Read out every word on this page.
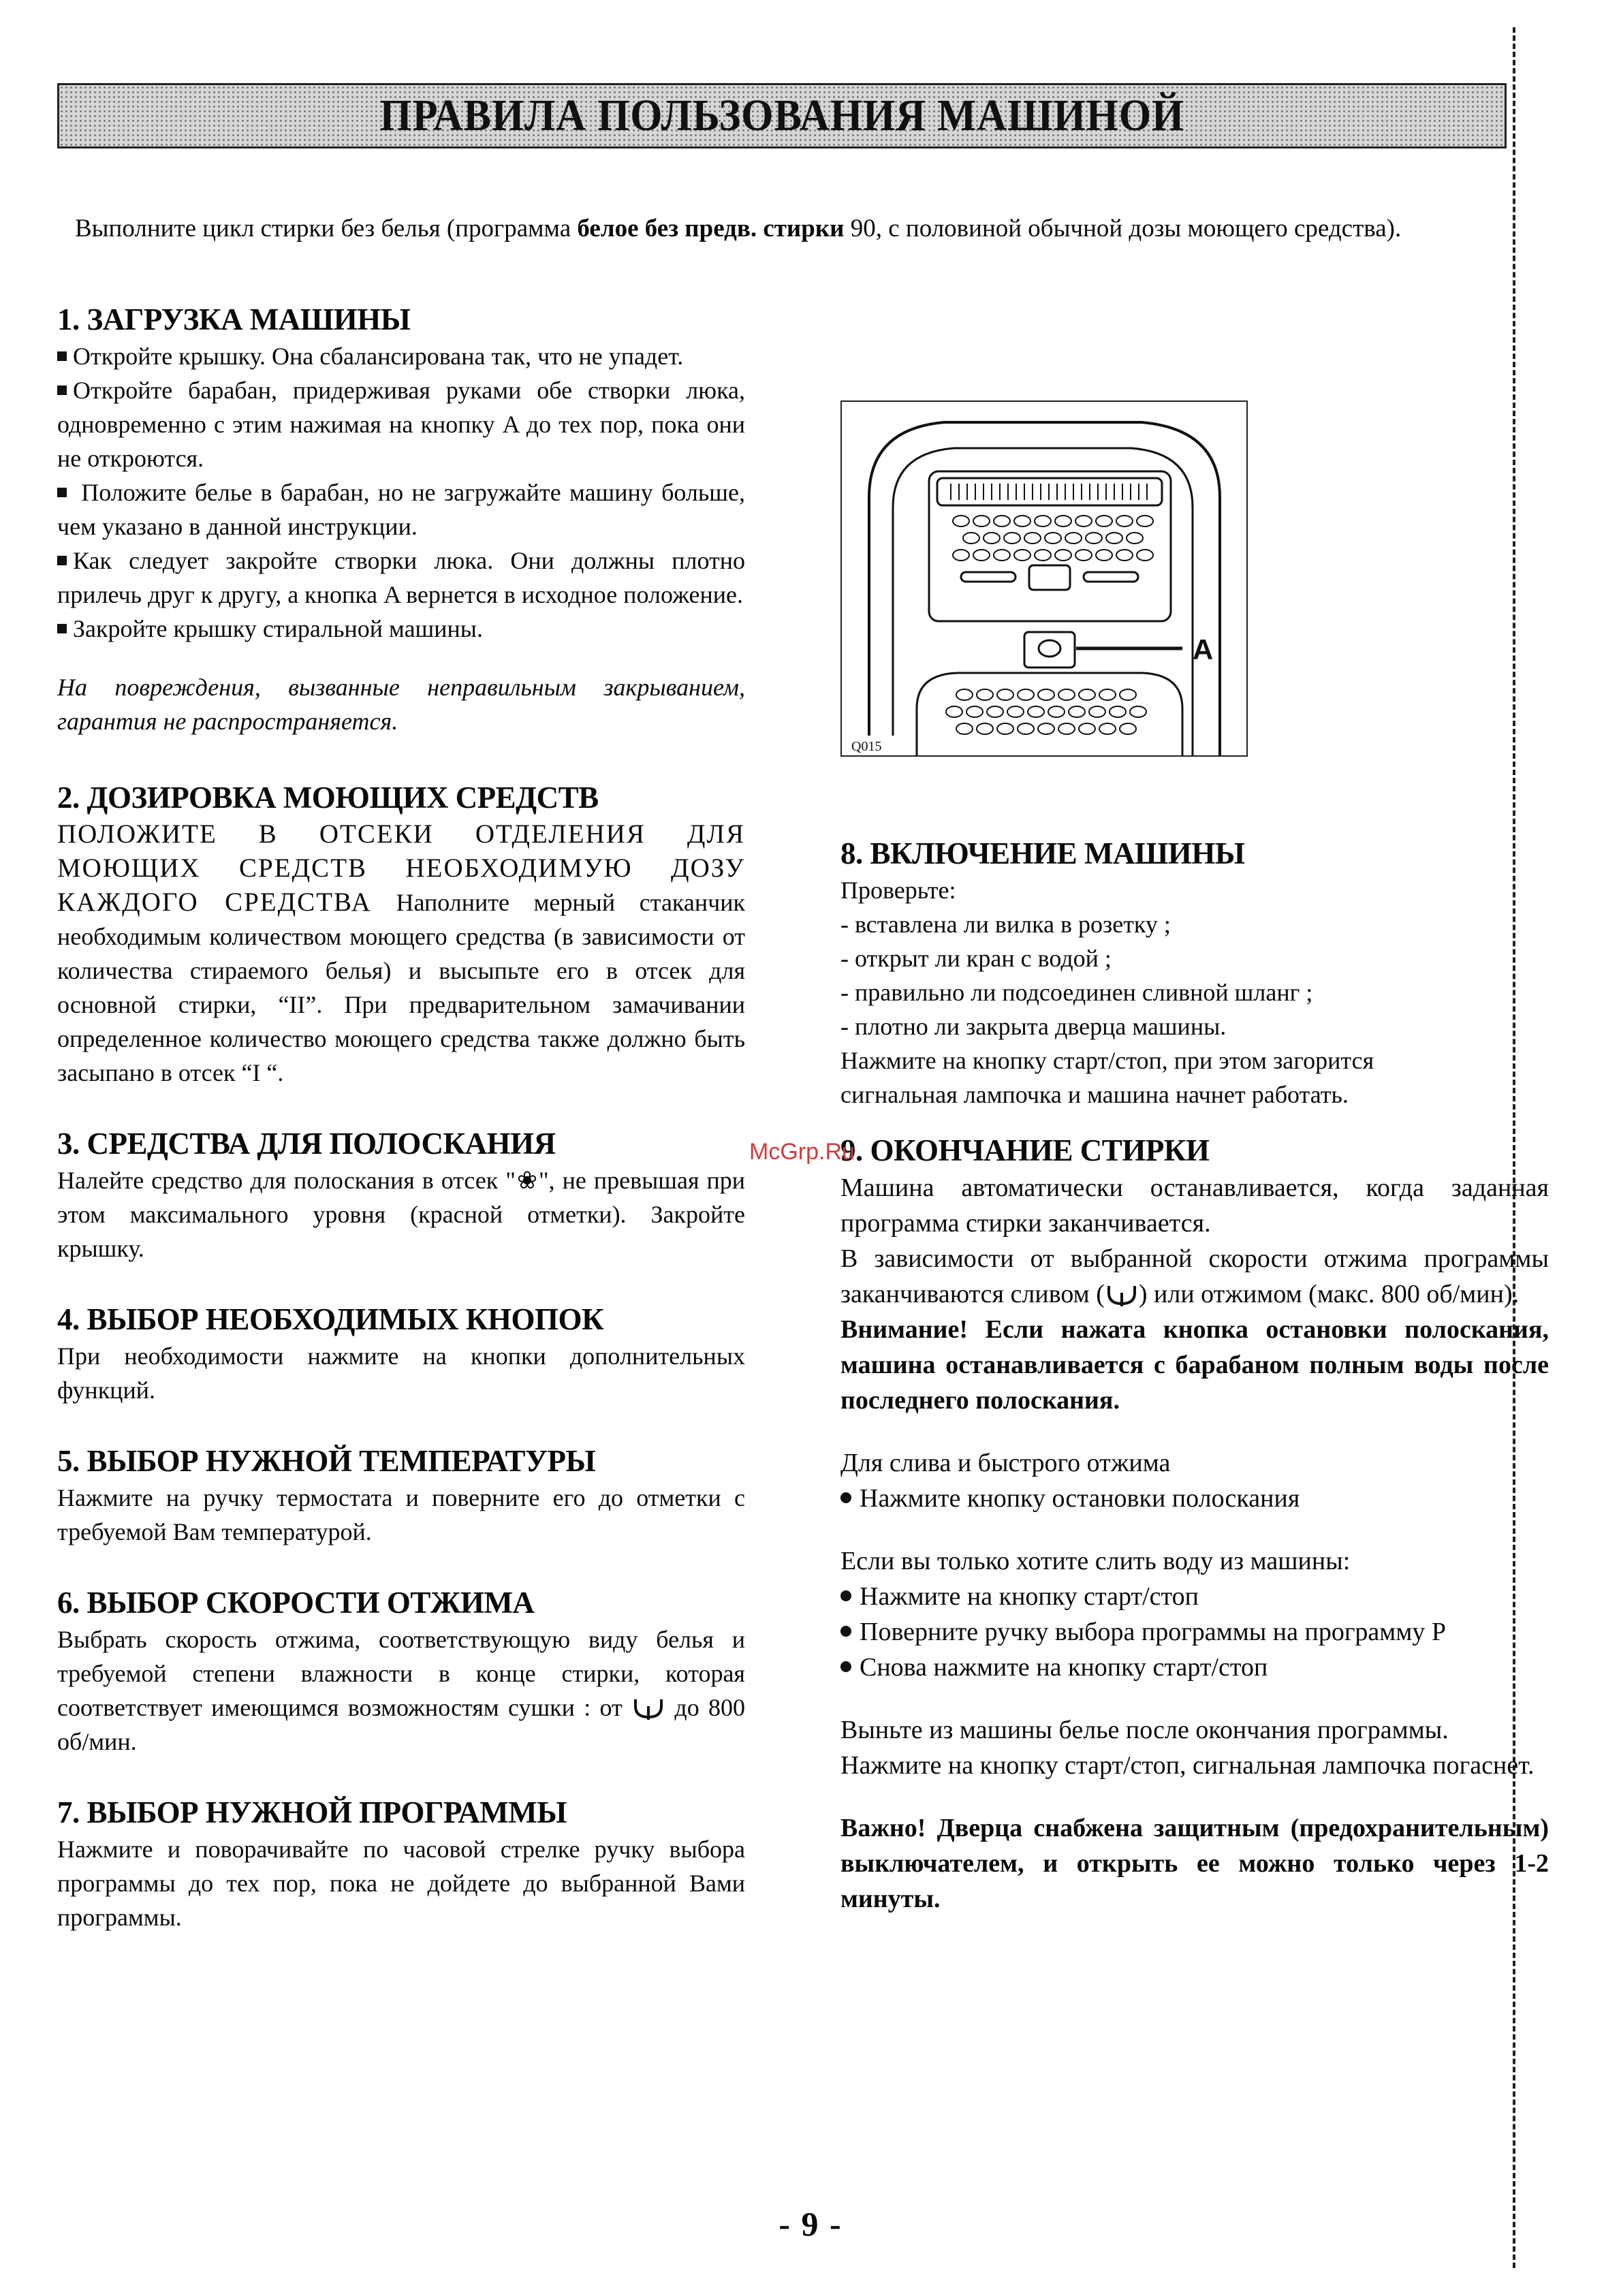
ПРАВИЛА ПОЛЬЗОВАНИЯ МАШИНОЙ

Выполните цикл стирки без белья (программа белое без предв. стирки 90, с половиной обычной дозы моющего средства).

1. ЗАГРУЗКА МАШИНЫ

Откройте крышку. Она сбалансирована так, что не упадет.

Откройте барабан, придерживая руками обе створки люка, одновременно с этим нажимая на кнопку A до тех пор, пока они не откроются.

Положите белье в барабан, но не загружайте машину больше, чем указано в данной инструкции.

Как следует закройте створки люка. Они должны плотно прилечь друг к другу, а кнопка A вернется в исходное положение.

Закройте крышку стиральной машины.

На повреждения, вызванные неправильным закрыванием, гарантия не распространяется.

2. ДОЗИРОВКА МОЮЩИХ СРЕДСТВ

ПОЛОЖИТЕ В ОТСЕКИ ОТДЕЛЕНИЯ ДЛЯ МОЮЩИХ СРЕДСТВ НЕОБХОДИМУЮ ДОЗУ КАЖДОГО СРЕДСТВА Наполните мерный стаканчик необходимым количеством моющего средства (в зависимости от количества стираемого белья) и высыпьте его в отсек для основной стирки, “II”. При предварительном замачивании определенное количество моющего средства также должно быть засыпано в отсек “I “.

3. СРЕДСТВА ДЛЯ ПОЛОСКАНИЯ

Налейте средство для полоскания в отсек "❀", не превышая при этом максимального уровня (красной отметки). Закройте крышку.

4. ВЫБОР НЕОБХОДИМЫХ КНОПОК

При необходимости нажмите на кнопки дополнительных функций.

5. ВЫБОР НУЖНОЙ ТЕМПЕРАТУРЫ

Нажмите на ручку термостата и поверните его до отметки с требуемой Вам температурой.

6. ВЫБОР СКОРОСТИ ОТЖИМА

Выбрать скорость отжима, соответствующую виду белья и требуемой степени влажности в конце стирки, которая соответствует имеющимся возможностям сушки : от  до 800 об/мин.

7. ВЫБОР НУЖНОЙ ПРОГРАММЫ

Нажмите и поворачивайте по часовой стрелке ручку выбора программы до тех пор, пока не дойдете до выбранной Вами программы.

A
Q015
8. ВКЛЮЧЕНИЕ МАШИНЫ

Проверьте:

- вставлена ли вилка в розетку ;

- открыт ли кран с водой ;

- правильно ли подсоединен сливной шланг ;

- плотно ли закрыта дверца машины.

Нажмите на кнопку старт/стоп, при этом загорится сигнальная лампочка и машина начнет работать.

9. ОКОНЧАНИЕ СТИРКИ

Машина автоматически останавливается, когда заданная программа стирки заканчивается.

В зависимости от выбранной скорости отжима программы заканчиваются сливом ( ) или отжимом (макс. 800 об/мин).

Внимание! Если нажата кнопка остановки полоскания, машина останавливается с барабаном полным воды после последнего полоскания.

Для слива и быстрого отжима

Нажмите кнопку остановки полоскания

Если вы только хотите слить воду из машины:

Нажмите на кнопку старт/стоп

Поверните ручку выбора программы на программу P

Снова нажмите на кнопку старт/стоп

Выньте из машины белье после окончания программы. Нажмите на кнопку старт/стоп, сигнальная лампочка погаснет.

Важно! Дверца снабжена защитным (предохранительным) выключателем, и открыть ее можно только через 1-2 минуты.

McGrp.Ru
- 9 -
